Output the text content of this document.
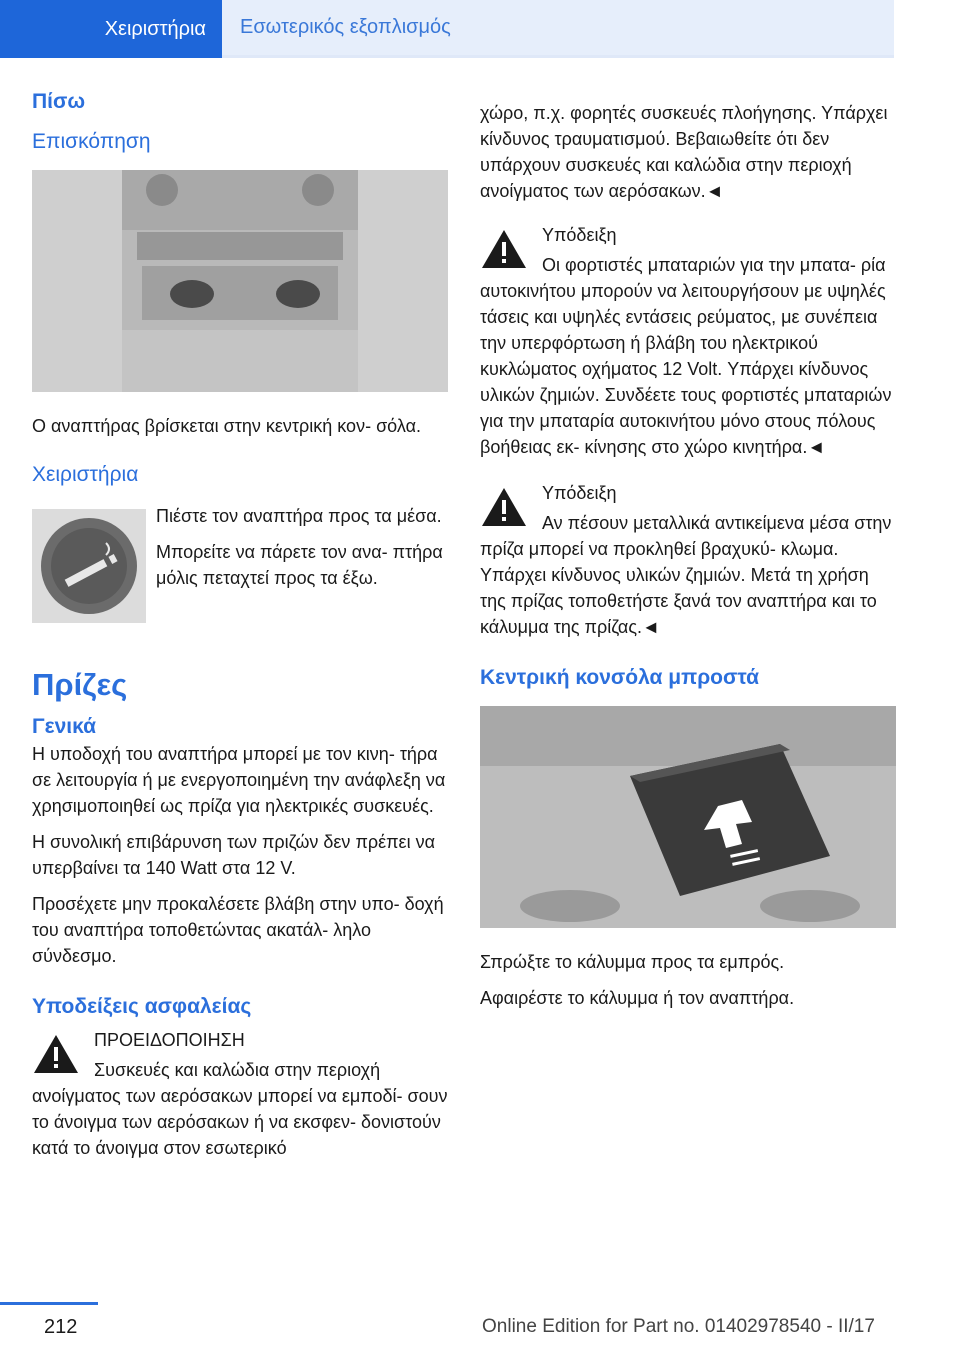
Χειριστήρια	Εσωτερικός εξοπλισμός
Πίσω
Επισκόπηση

Ο αναπτήρας βρίσκεται στην κεντρική κον- σόλα.

Χειριστήρια

Πιέστε τον αναπτήρα προς τα μέσα.

Μπορείτε να πάρετε τον ανα- πτήρα μόλις πεταχτεί προς τα έξω.

Πρίζες
Γενικά

Η υποδοχή του αναπτήρα μπορεί με τον κινη- τήρα σε λειτουργία ή με ενεργοποιημένη την ανάφλεξη να χρησιμοποιηθεί ως πρίζα για ηλεκτρικές συσκευές.

Η συνολική επιβάρυνση των πριζών δεν πρέπει να υπερβαίνει τα 140 Watt στα 12 V.

Προσέχετε μην προκαλέσετε βλάβη στην υπο- δοχή του αναπτήρα τοποθετώντας ακατάλ- ληλο σύνδεσμο.

Υποδείξεις ασφαλείας

ΠΡΟΕΙΔΟΠΟΙΗΣΗ

Συσκευές και καλώδια στην περιοχή ανοίγματος των αερόσακων μπορεί να εμποδί- σουν το άνοιγμα των αερόσακων ή να εκσφεν- δονιστούν κατά το άνοιγμα στον εσωτερικό

χώρο, π.χ. φορητές συσκευές πλοήγησης. Υπάρχει κίνδυνος τραυματισμού. Βεβαιωθείτε ότι δεν υπάρχουν συσκευές και καλώδια στην περιοχή ανοίγματος των αερόσακων.◄

Υπόδειξη

Οι φορτιστές μπαταριών για την μπατα- ρία αυτοκινήτου μπορούν να λειτουργήσουν με υψηλές τάσεις και υψηλές εντάσεις ρεύματος, με συνέπεια την υπερφόρτωση ή βλάβη του ηλεκτρικού κυκλώματος οχήματος 12 Volt. Υπάρχει κίνδυνος υλικών ζημιών. Συνδέετε τους φορτιστές μπαταριών για την μπαταρία αυτοκινήτου μόνο στους πόλους βοήθειας εκ- κίνησης στο χώρο κινητήρα.◄

Υπόδειξη

Αν πέσουν μεταλλικά αντικείμενα μέσα στην πρίζα μπορεί να προκληθεί βραχυκύ- κλωμα. Υπάρχει κίνδυνος υλικών ζημιών. Μετά τη χρήση της πρίζας τοποθετήστε ξανά τον αναπτήρα και το κάλυμμα της πρίζας.◄

Κεντρική κονσόλα μπροστά

Σπρώξτε το κάλυμμα προς τα εμπρός.

Αφαιρέστε το κάλυμμα ή τον αναπτήρα.

212	Online Edition for Part no. 01402978540 - II/17
